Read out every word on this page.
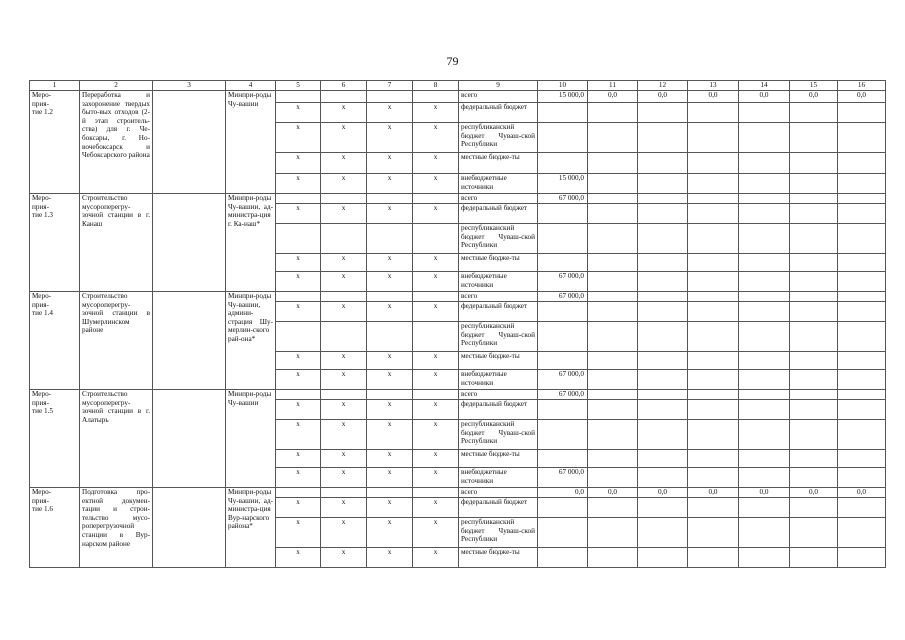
79
1	2	3	4	5	6	7	8	9	10	11	12	13	14	15	16
Меро-
прия-
тие 1.2	Переработка и захоронение твердых быто-вых отходов (2-й этап строитель-ства) для г. Че-боксары, г. Но-вочебоксарск и Чебоксарского района		Минпри-роды Чу-вашии					всего	15 000,0	0,0	0,0	0,0	0,0	0,0	0,0
				х	х	х	х	федеральный бюджет							
				х	х	х	х	республиканский бюджет Чуваш-ской Республики							
				х	х	х	х	местные бюдже-ты							
				х	х	х	х	внебюджетные источники	15 000,0						
Меро-
прия-
тие 1.3	Строительство мусороперегру-зочной станции в г. Канаш		Минпри-роды Чу-вашии, ад-министра-ция г. Ка-наш*					всего	67 000,0						
				х	х	х	х	федеральный бюджет							
								республиканский бюджет Чуваш-ской Республики							
				х	х	х	х	местные бюдже-ты							
				х	х	х	х	внебюджетные источники	67 000,0						
Меро-
прия-
тие 1.4	Строительство мусороперегру-зочной станции в Шумерлинском районе		Минпри-роды Чу-вашии, админи-страция Шу-мерлин-ского рай-она*					всего	67 000,0						
				х	х	х	х	федеральный бюджет							
								республиканский бюджет Чуваш-ской Республики							
				х	х	х	х	местные бюдже-ты							
				х	х	х	х	внебюджетные источники	67 000,0						
Меро-
прия-
тие 1.5	Строительство мусороперегру-зочной станции в г. Алатырь		Минпри-роды Чу-вашии					всего	67 000,0						
				х	х	х	х	федеральный бюджет							
				х	х	х	х	республиканский бюджет Чуваш-ской Республики							
				х	х	х	х	местные бюдже-ты							
				х	х	х	х	внебюджетные источники	67 000,0						
Меро-
прия-
тие 1.6	Подготовка про-ектной докумен-тации и строи-тельство мусо-роперегрузочной станции в Вур-нарском районе		Минпри-роды Чу-вашии, ад-министра-ция Вур-нарского района*					всего	0,0	0,0	0,0	0,0	0,0	0,0	0,0
				х	х	х	х	федеральный бюджет							
				х	х	х	х	республиканский бюджет Чуваш-ской Республики							
				х	х	х	х	местные бюдже-ты							
